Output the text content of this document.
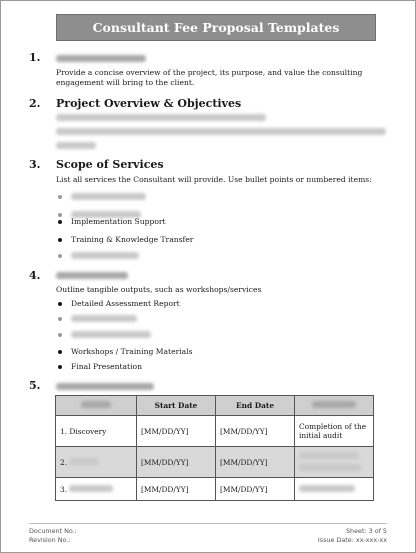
Consultant Fee Proposal Templates
1.
Provide a concise overview of the project, its purpose, and value the consulting engagement will bring to the client.
2. Project Overview & Objectives

3. Scope of Services
List all services the Consultant will provide. Use bullet points or numbered items:
Implementation Support
Training & Knowledge Transfer
4.
Outline tangible outputs, such as workshops/services
Detailed Assessment Report
Workshops / Training Materials
Final Presentation
5.
	Start Date	End Date	
1. Discovery	[MM/DD/YY]	[MM/DD/YY]	Completion of the initial audit
2.	[MM/DD/YY]	[MM/DD/YY]	

3.	[MM/DD/YY]	[MM/DD/YY]	
Document No.:
Revision No.:
Sheet: 3 of 5
Issue Date: xx-xxx-xx
